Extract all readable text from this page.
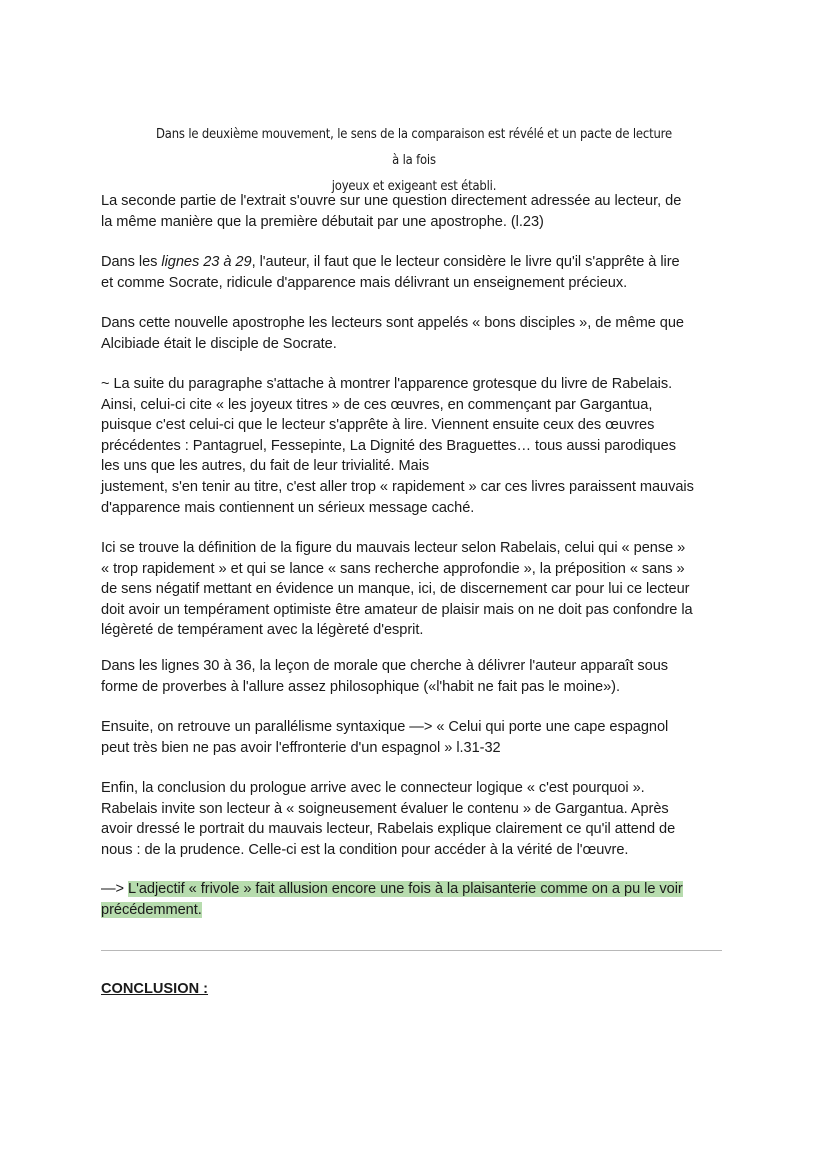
Dans le deuxième mouvement, le sens de la comparaison est révélé et un pacte de lecture à la fois
joyeux et exigeant est établi.

La seconde partie de l'extrait s'ouvre sur une question directement adressée au lecteur, de
la même manière que la première débutait par une apostrophe. (l.23)

Dans les lignes 23 à 29, l'auteur, il faut que le lecteur considère le livre qu'il s'apprête à lire
et comme Socrate, ridicule d'apparence mais délivrant un enseignement précieux.

Dans cette nouvelle apostrophe les lecteurs sont appelés « bons disciples », de même que
Alcibiade était le disciple de Socrate.

~ La suite du paragraphe s'attache à montrer l'apparence grotesque du livre de Rabelais.
Ainsi, celui-ci cite « les joyeux titres » de ces œuvres, en commençant par Gargantua,
puisque c'est celui-ci que le lecteur s'apprête à lire. Viennent ensuite ceux des œuvres
précédentes : Pantagruel, Fessepinte, La Dignité des Braguettes… tous aussi parodiques
les uns que les autres, du fait de leur trivialité. Mais
justement, s'en tenir au titre, c'est aller trop « rapidement » car ces livres paraissent mauvais
d'apparence mais contiennent un sérieux message caché.

Ici se trouve la définition de la figure du mauvais lecteur selon Rabelais, celui qui « pense »
« trop rapidement » et qui se lance « sans recherche approfondie », la préposition « sans »
de sens négatif mettant en évidence un manque, ici, de discernement car pour lui ce lecteur
doit avoir un tempérament optimiste être amateur de plaisir mais on ne doit pas confondre la
légèreté de tempérament avec la légèreté d'esprit.

Dans les lignes 30 à 36, la leçon de morale que cherche à délivrer l'auteur apparaît sous
forme de proverbes à l'allure assez philosophique («l'habit ne fait pas le moine»).

Ensuite, on retrouve un parallélisme syntaxique —> « Celui qui porte une cape espagnol
peut très bien ne pas avoir l'effronterie d'un espagnol » l.31-32

Enfin, la conclusion du prologue arrive avec le connecteur logique « c'est pourquoi ».
Rabelais invite son lecteur à « soigneusement évaluer le contenu » de Gargantua. Après
avoir dressé le portrait du mauvais lecteur, Rabelais explique clairement ce qu'il attend de
nous : de la prudence. Celle-ci est la condition pour accéder à la vérité de l'œuvre.

—> L'adjectif « frivole » fait allusion encore une fois à la plaisanterie comme on a pu le voir
précédemment.

CONCLUSION :
